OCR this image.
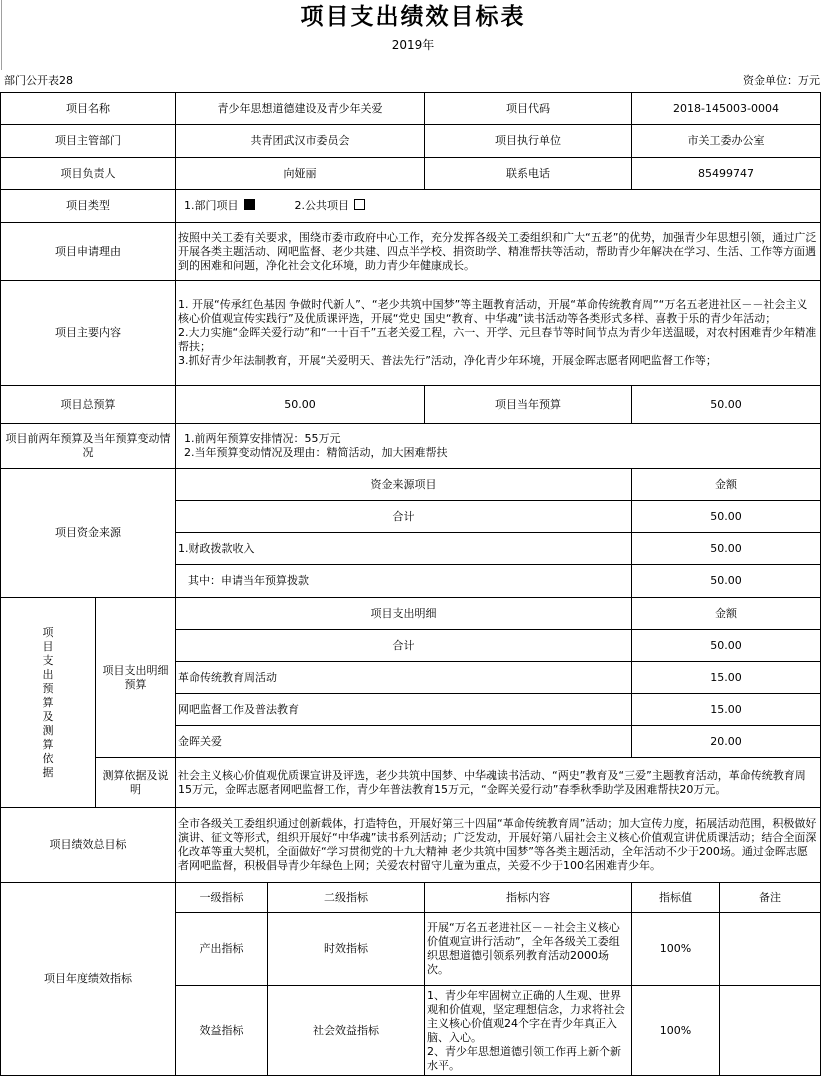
项目支出绩效目标表
2019年
部门公开表28	资金单位：万元
项目名称		青少年思想道德建设及青少年关爱		项目代码	2018-145003-0004	
项目主管部门		共青团武汉市委员会		项目执行单位	市关工委办公室	
项目负责人		向娅丽		联系电话	85499747	
项目类型		1.部门项目 2.公共项目				
项目申请理由		按照中关工委有关要求，围绕市委市政府中心工作，充分发挥各级关工委组织和广大“五老”的优势，加强青少年思想引领，通过广泛开展各类主题活动、网吧监督、老少共建、四点半学校、捐资助学、精准帮扶等活动，帮助青少年解决在学习、生活、工作等方面遇到的困难和问题，净化社会文化环境，助力青少年健康成长。				
项目主要内容		1. 开展“传承红色基因 争做时代新人”、“老少共筑中国梦”等主题教育活动，开展“革命传统教育周”“万名五老进社区－－社会主义核心价值观宣传实践行”及优质课评选，开展“党史 国史“教育、中华魂”读书活动等各类形式多样、喜教于乐的青少年活动；
2.大力实施“金晖关爱行动”和“一十百千”五老关爱工程，六一、开学、元旦春节等时间节点为青少年送温暖，对农村困难青少年精准帮扶；
3.抓好青少年法制教育，开展“关爱明天、普法先行”活动，净化青少年环境，开展金晖志愿者网吧监督工作等；				

项目总预算		50.00		项目当年预算	50.00	
项目前两年预算及当年预算变动情况		1.前两年预算安排情况：55万元
2.当年预算变动情况及理由：精简活动，加大困难帮扶				

项目资金来源		资金来源项目			金额	
		合计			50.00	
		1.财政拨款收入			50.00	
		其中：申请当年预算拨款			50.00	

项目支出预算及测算依据	项目支出明细预算	项目支出明细			金额	
		合计			50.00	
		革命传统教育周活动			15.00	
		网吧监督工作及普法教育			15.00	
		金晖关爱			20.00	
	测算依据及说明	社会主义核心价值观优质课宣讲及评选，老少共筑中国梦、中华魂读书活动、“两史”教育及“三爱”主题教育活动，革命传统教育周15万元，金晖志愿者网吧监督工作，青少年普法教育15万元，“金晖关爱行动”春季秋季助学及困难帮扶20万元。				
项目绩效总目标		全市各级关工委组织通过创新载体，打造特色，开展好第三十四届“革命传统教育周”活动；加大宣传力度，拓展活动范围，积极做好演讲、征文等形式，组织开展好“中华魂”读书系列活动；广泛发动，开展好第八届社会主义核心价值观宣讲优质课活动；结合全面深化改革等重大契机，全面做好“学习贯彻党的十九大精神 老少共筑中国梦”等各类主题活动，全年活动不少于200场。通过金晖志愿者网吧监督，积极倡导青少年绿色上网；关爱农村留守儿童为重点，关爱不少于100名困难青少年。				
项目年度绩效指标		一级指标	二级指标	指标内容	指标值	备注
		产出指标	时效指标	开展“万名五老进社区－－社会主义核心价值观宣讲行活动”，全年各级关工委组织思想道德引领系列教育活动2000场次。	100%	
		效益指标	社会效益指标	1、青少年牢固树立正确的人生观、世界观和价值观，坚定理想信念，力求将社会主义核心价值观24个字在青少年真正入脑、入心。
2、青少年思想道德引领工作再上新个新水平。	100%	
